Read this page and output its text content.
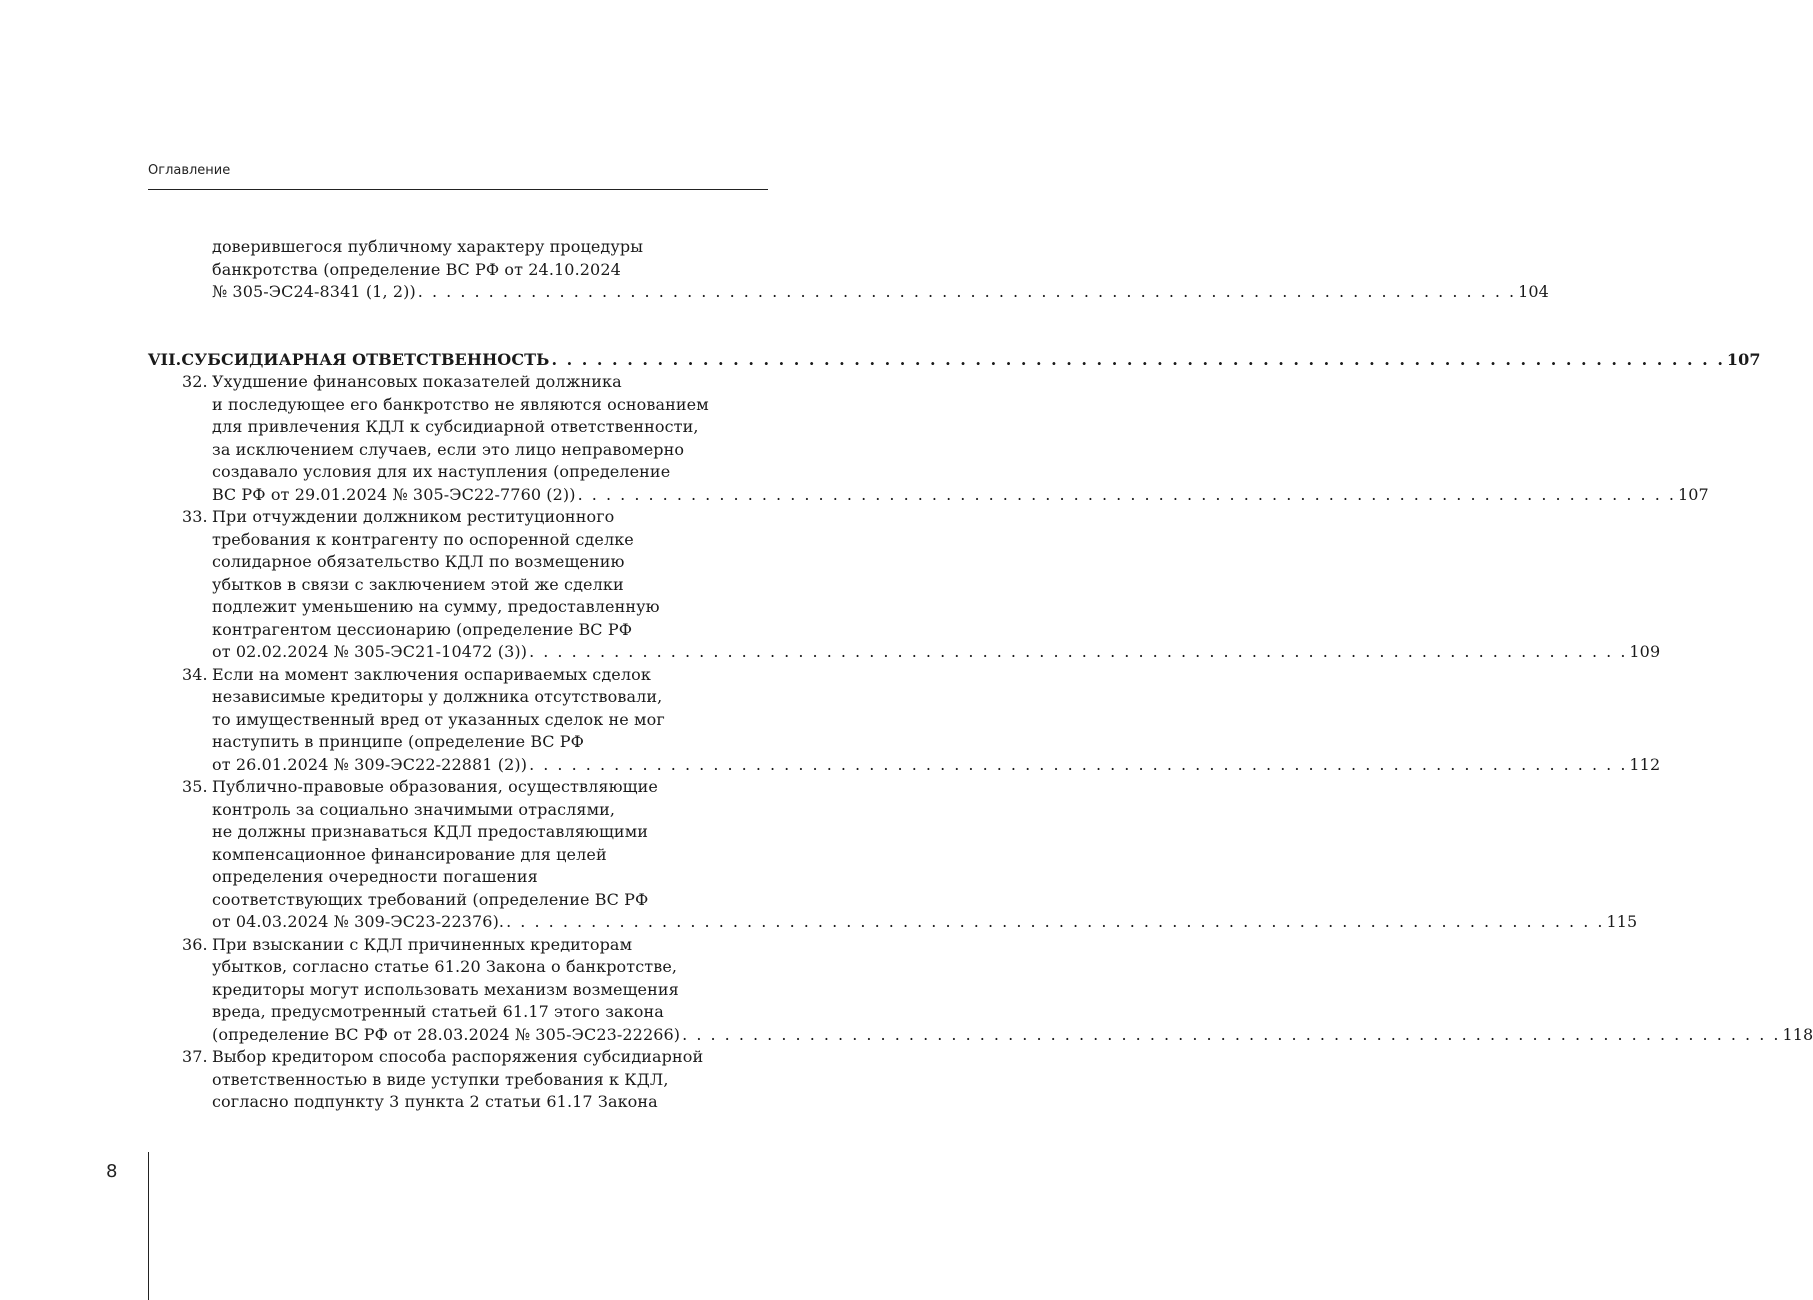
Оглавление
доверившегося публичному характеру процедуры
банкротства (определение ВС РФ от 24.10.2024
№ 305-ЭС24-8341 (1, 2)) . . . . . . . . . . . . . . . . . . . . . . . . . . . . . . . . . . . . . . . . . . . . . . . . . . . . . . . . . . . . . . . . . . . . . . . . . . . . . . 104
VII.СУБСИДИАРНАЯ ОТВЕТСТВЕННОСТЬ . . . . . . . . . . . . . . . . . . . . . . . . . . . . . . . . . . . . . . . . . . . . . . . . . . . . . . . . . . . . . . . . . . . . . . . . . . . . . . 107
32. Ухудшение финансовых показателей должника
и последующее его банкротство не являются основанием
для привлечения КДЛ к субсидиарной ответственности,
за исключением случаев, если это лицо неправомерно
создавало условия для их наступления (определение
ВС РФ от 29.01.2024 № 305-ЭС22-7760 (2)) . . . . . . . . . . . . . . . . . . . . . . . . . . . . . . . . . . . . . . . . . . . . . . . . . . . . . . . . . . . . . . . . . . . . . . . . . . . . . . 107
33. При отчуждении должником реституционного
требования к контрагенту по оспоренной сделке
солидарное обязательство КДЛ по возмещению
убытков в связи с заключением этой же сделки
подлежит уменьшению на сумму, предоставленную
контрагентом цессионарию (определение ВС РФ
от 02.02.2024 № 305-ЭС21-10472 (3)) . . . . . . . . . . . . . . . . . . . . . . . . . . . . . . . . . . . . . . . . . . . . . . . . . . . . . . . . . . . . . . . . . . . . . . . . . . . . . . 109
34. Если на момент заключения оспариваемых сделок
независимые кредиторы у должника отсутствовали,
то имущественный вред от указанных сделок не мог
наступить в принципе (определение ВС РФ
от 26.01.2024 № 309-ЭС22-22881 (2)) . . . . . . . . . . . . . . . . . . . . . . . . . . . . . . . . . . . . . . . . . . . . . . . . . . . . . . . . . . . . . . . . . . . . . . . . . . . . . . 112
35. Публично-правовые образования, осуществляющие
контроль за социально значимыми отраслями,
не должны признаваться КДЛ предоставляющими
компенсационное финансирование для целей
определения очередности погашения
соответствующих требований (определение ВС РФ
от 04.03.2024 № 309-ЭС23-22376). . . . . . . . . . . . . . . . . . . . . . . . . . . . . . . . . . . . . . . . . . . . . . . . . . . . . . . . . . . . . . . . . . . . . . . . . . . . . . . 115
36. При взыскании с КДЛ причиненных кредиторам
убытков, согласно статье 61.20 Закона о банкротстве,
кредиторы могут использовать механизм возмещения
вреда, предусмотренный статьей 61.17 этого закона
(определение ВС РФ от 28.03.2024 № 305-ЭС23-22266) . . . . . . . . . . . . . . . . . . . . . . . . . . . . . . . . . . . . . . . . . . . . . . . . . . . . . . . . . . . . . . . . . . . . . . . . . . . . . . 118
37. Выбор кредитором способа распоряжения субсидиарной
ответственностью в виде уступки требования к КДЛ,
согласно подпункту 3 пункта 2 статьи 61.17 Закона
8
